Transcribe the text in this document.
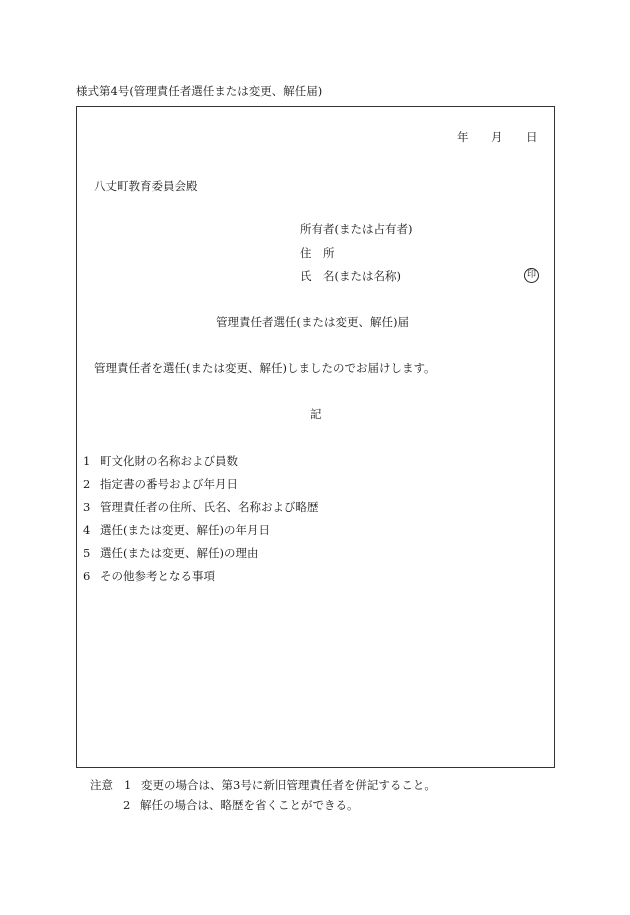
様式第4号(管理責任者選任または変更、解任届)
年 月 日
八丈町教育委員会殿
所有者(または占有者)
住　所
氏　名(または名称)	印
管理責任者選任(または変更、解任)届
管理責任者を選任(または変更、解任)しましたのでお届けします。
記
1 町文化財の名称および員数
2 指定書の番号および年月日
3 管理責任者の住所、氏名、名称および略歴
4 選任(または変更、解任)の年月日
5 選任(または変更、解任)の理由
6 その他参考となる事項
注意 1 変更の場合は、第3号に新旧管理責任者を併記すること。
2 解任の場合は、略歴を省くことができる。
